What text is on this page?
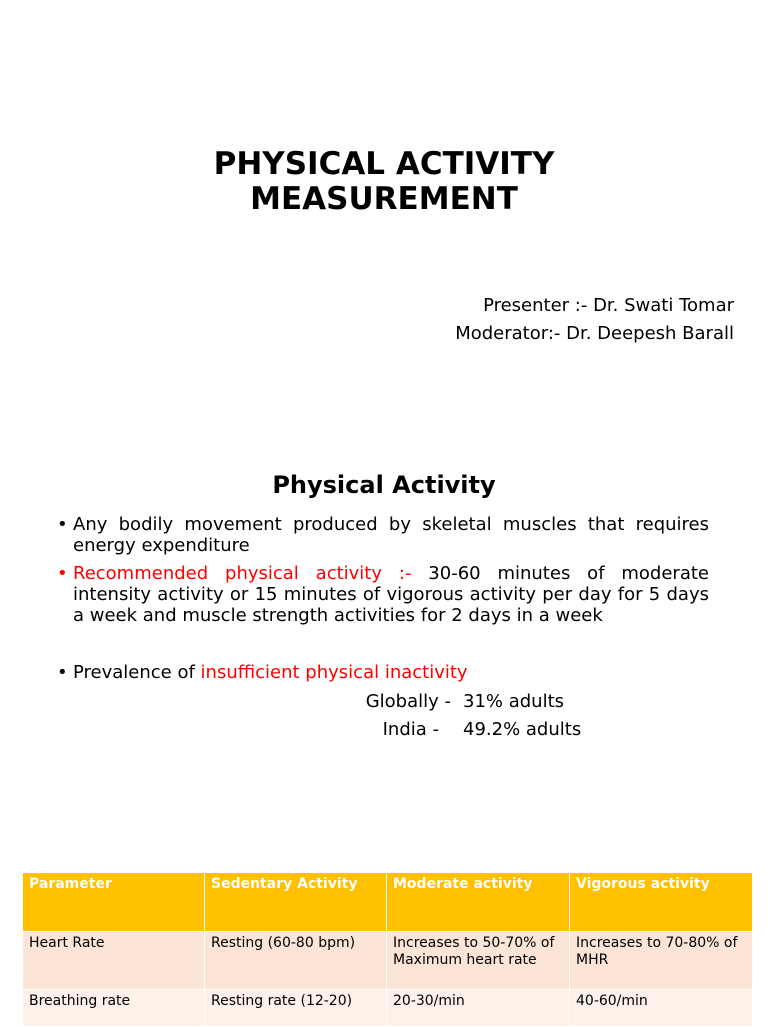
PHYSICAL ACTIVITY
MEASUREMENT
Presenter :- Dr. Swati Tomar
Moderator:- Dr. Deepesh Barall
Physical Activity
• Any bodily movement produced by skeletal muscles that requires energy expenditure
• Recommended physical activity :- 30-60 minutes of moderate intensity activity or 15 minutes of vigorous activity per day for 5 days a week and muscle strength activities for 2 days in a week
• Prevalence of insufficient physical inactivity
Globally - 31% adults
India - 49.2% adults
Parameter	Sedentary Activity	Moderate activity	Vigorous activity
Heart Rate	Resting (60-80 bpm)	Increases to 50-70% of Maximum heart rate	Increases to 70-80% of MHR
Breathing rate	Resting rate (12-20)	20-30/min	40-60/min
